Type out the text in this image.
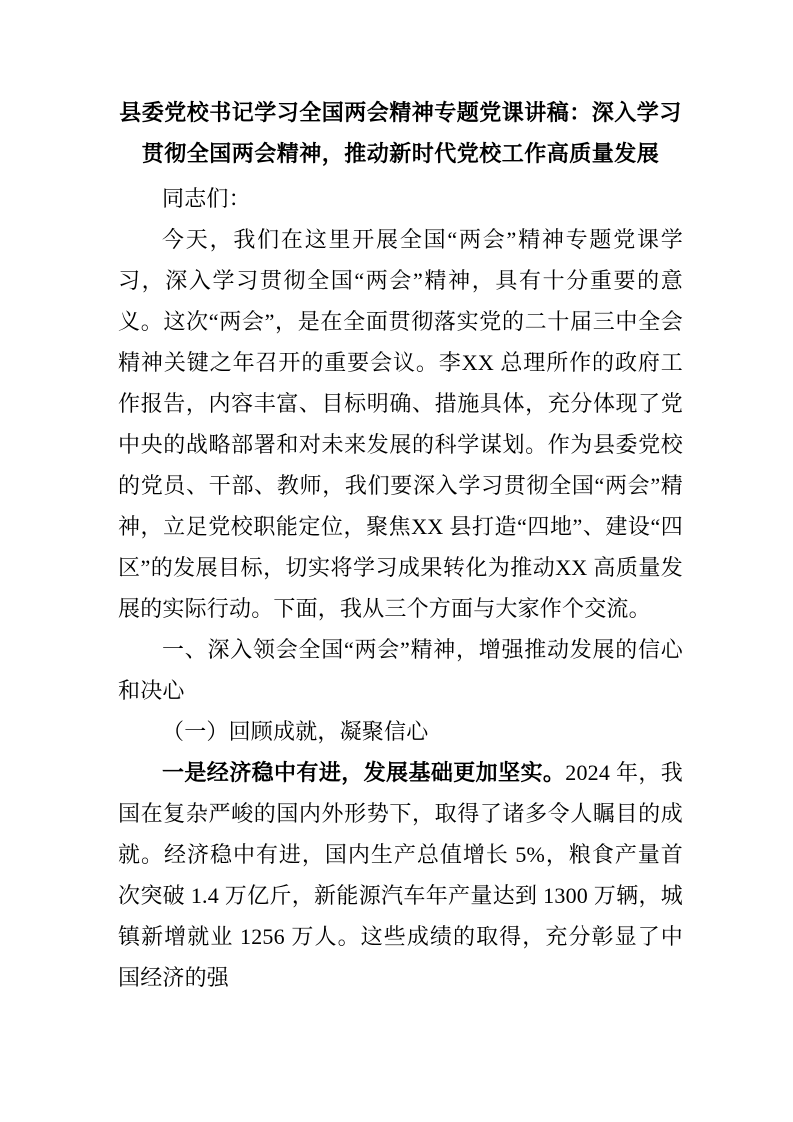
县委党校书记学习全国两会精神专题党课讲稿：深入学习贯彻全国两会精神，推动新时代党校工作高质量发展

同志们：

今天，我们在这里开展全国“两会”精神专题党课学习，深入学习贯彻全国“两会”精神，具有十分重要的意义。这次“两会”，是在全面贯彻落实党的二十届三中全会精神关键之年召开的重要会议。李XX 总理所作的政府工作报告，内容丰富、目标明确、措施具体，充分体现了党中央的战略部署和对未来发展的科学谋划。作为县委党校的党员、干部、教师，我们要深入学习贯彻全国“两会”精神，立足党校职能定位，聚焦XX 县打造“四地”、建设“四区”的发展目标，切实将学习成果转化为推动XX 高质量发展的实际行动。下面，我从三个方面与大家作个交流。

一、深入领会全国“两会”精神，增强推动发展的信心和决心

（一）回顾成就，凝聚信心

一是经济稳中有进，发展基础更加坚实。2024 年，我国在复杂严峻的国内外形势下，取得了诸多令人瞩目的成就。经济稳中有进，国内生产总值增长 5%，粮食产量首次突破 1.4 万亿斤，新能源汽车年产量达到 1300 万辆，城镇新增就业 1256 万人。这些成绩的取得，充分彰显了中国经济的强
